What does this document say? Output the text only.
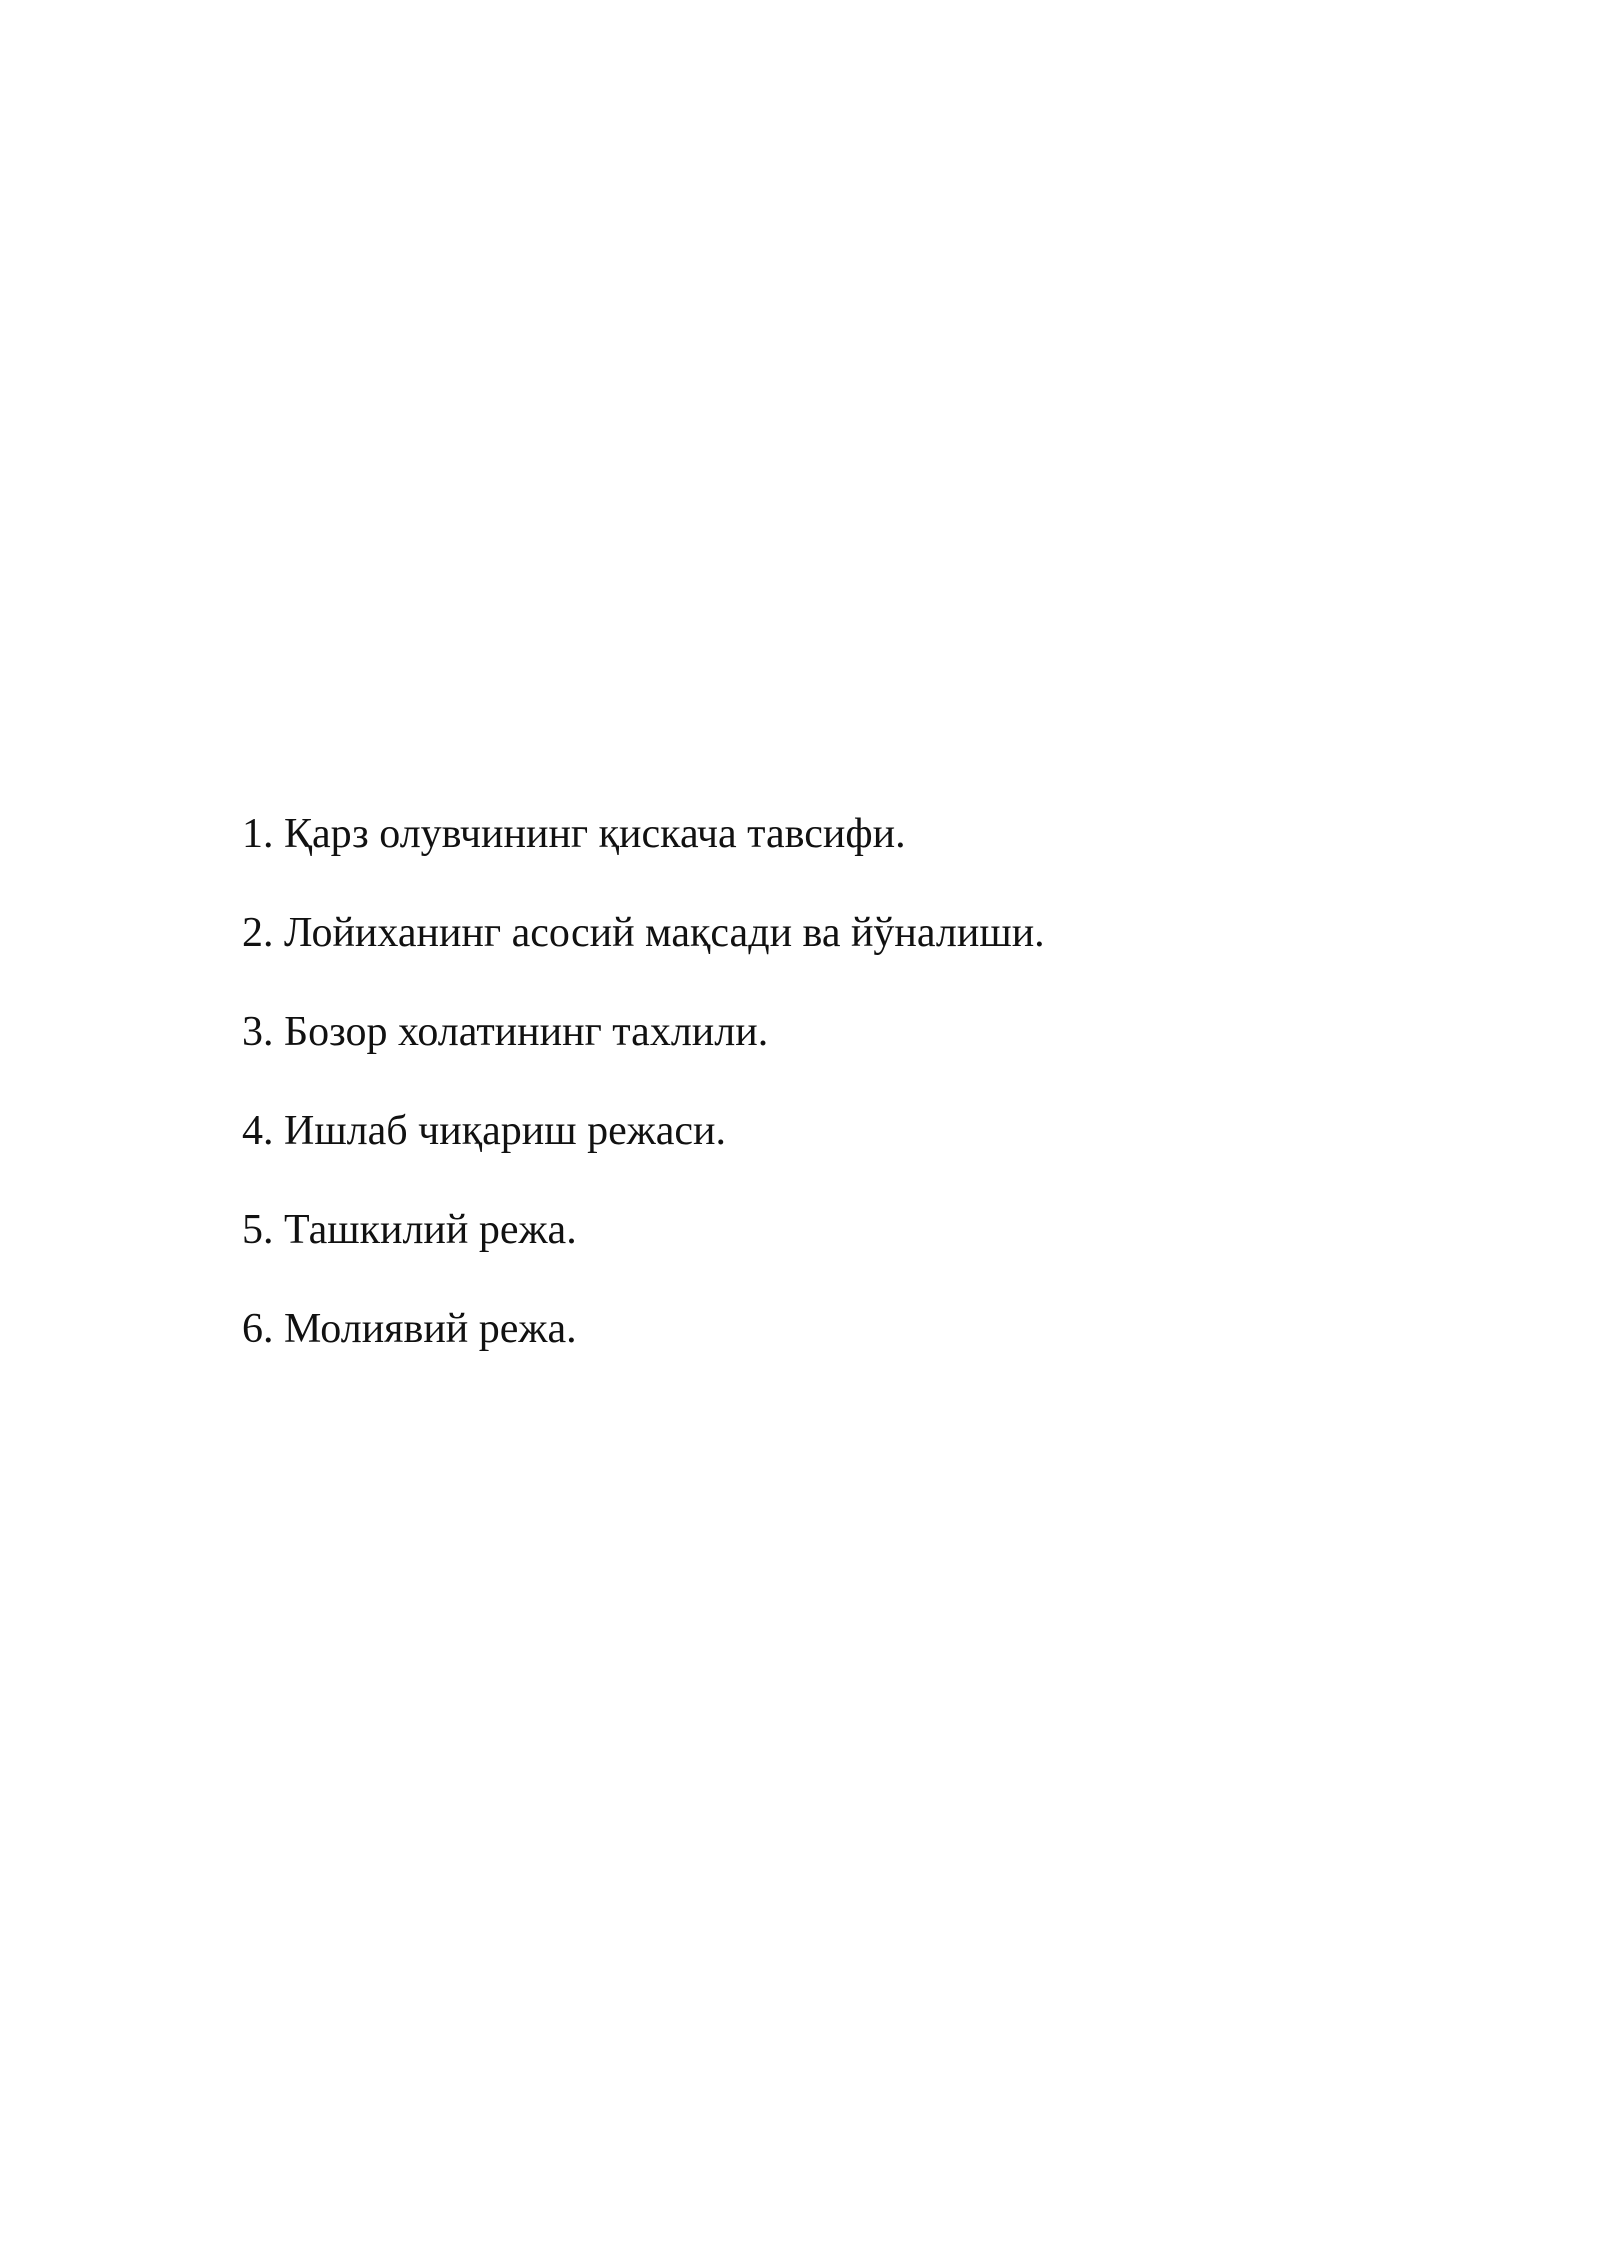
1. Қарз олувчининг қискача тавсифи.
2. Лойиханинг асосий мақсади ва йўналиши.
3. Бозор холатининг тахлили.
4. Ишлаб чиқариш режаси.
5. Ташкилий режа.
6. Молиявий режа.
